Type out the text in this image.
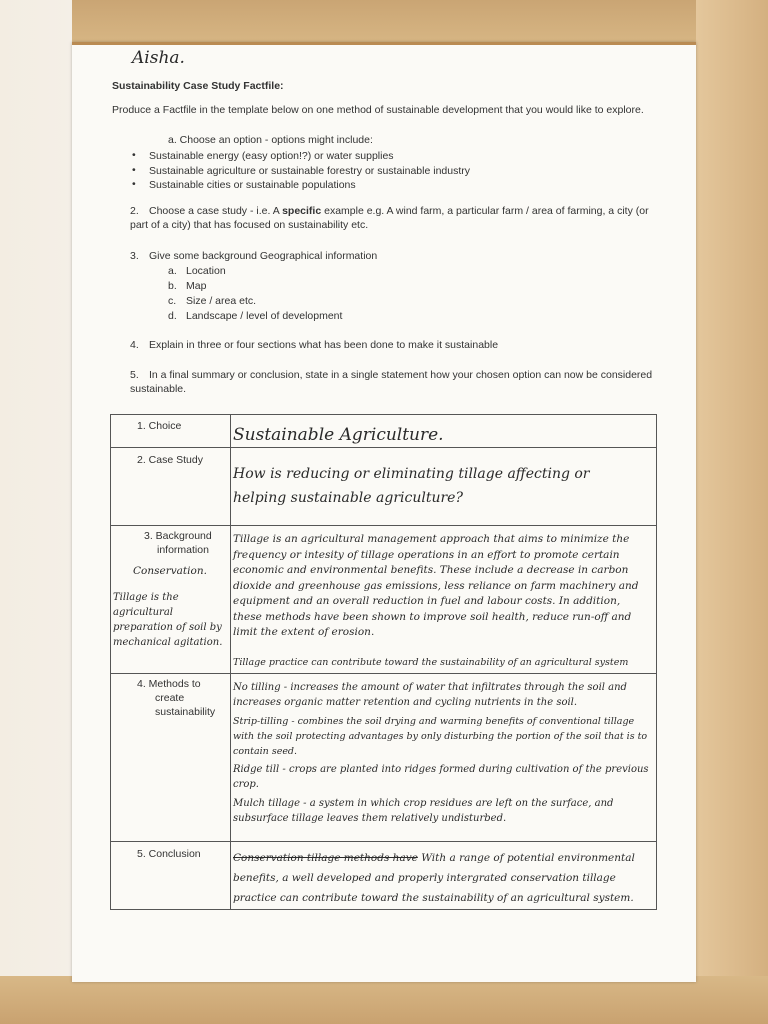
Aisha.
Sustainability Case Study Factfile:
Produce a Factfile in the template below on one method of sustainable development that you would like to explore.
a. Choose an option - options might include:
• Sustainable energy (easy option!?) or water supplies
• Sustainable agriculture or sustainable forestry or sustainable industry
• Sustainable cities or sustainable populations
2. Choose a case study - i.e. A specific example e.g. A wind farm, a particular farm / area of farming, a city (or part of a city) that has focused on sustainability etc.
3. Give some background Geographical information
a. Location
b. Map
c. Size / area etc.
d. Landscape / level of development
4. Explain in three or four sections what has been done to make it sustainable
5. In a final summary or conclusion, state in a single statement how your chosen option can now be considered sustainable.
1. Choice	Sustainable Agriculture.
2. Case Study
How is reducing or eliminating tillage affecting or helping sustainable agriculture?
3. Background
information
Conservation.
Tillage is the agricultural preparation of soil by mechanical agitation.
Tillage is an agricultural management approach that aims to minimize the frequency or intesity of tillage operations in an effort to promote certain economic and environmental benefits. These include a decrease in carbon dioxide and greenhouse gas emissions, less reliance on farm machinery and equipment and an overall reduction in fuel and labour costs. In addition, these methods have been shown to improve soil health, reduce run-off and limit the extent of erosion.
Tillage practice can contribute toward the sustainability of an agricultural system
4. Methods to
create
sustainability
No tilling - increases the amount of water that infiltrates through the soil and increases organic matter retention and cycling nutrients in the soil.
Strip-tilling - combines the soil drying and warming benefits of conventional tillage with the soil protecting advantages by only disturbing the portion of the soil that is to contain seed.
Ridge till - crops are planted into ridges formed during cultivation of the previous crop.
Mulch tillage - a system in which crop residues are left on the surface, and subsurface tillage leaves them relatively undisturbed.
5. Conclusion	Conservation tillage methods have With a range of potential environmental benefits, a well developed and properly intergrated conservation tillage practice can contribute toward the sustainability of an agricultural system.
